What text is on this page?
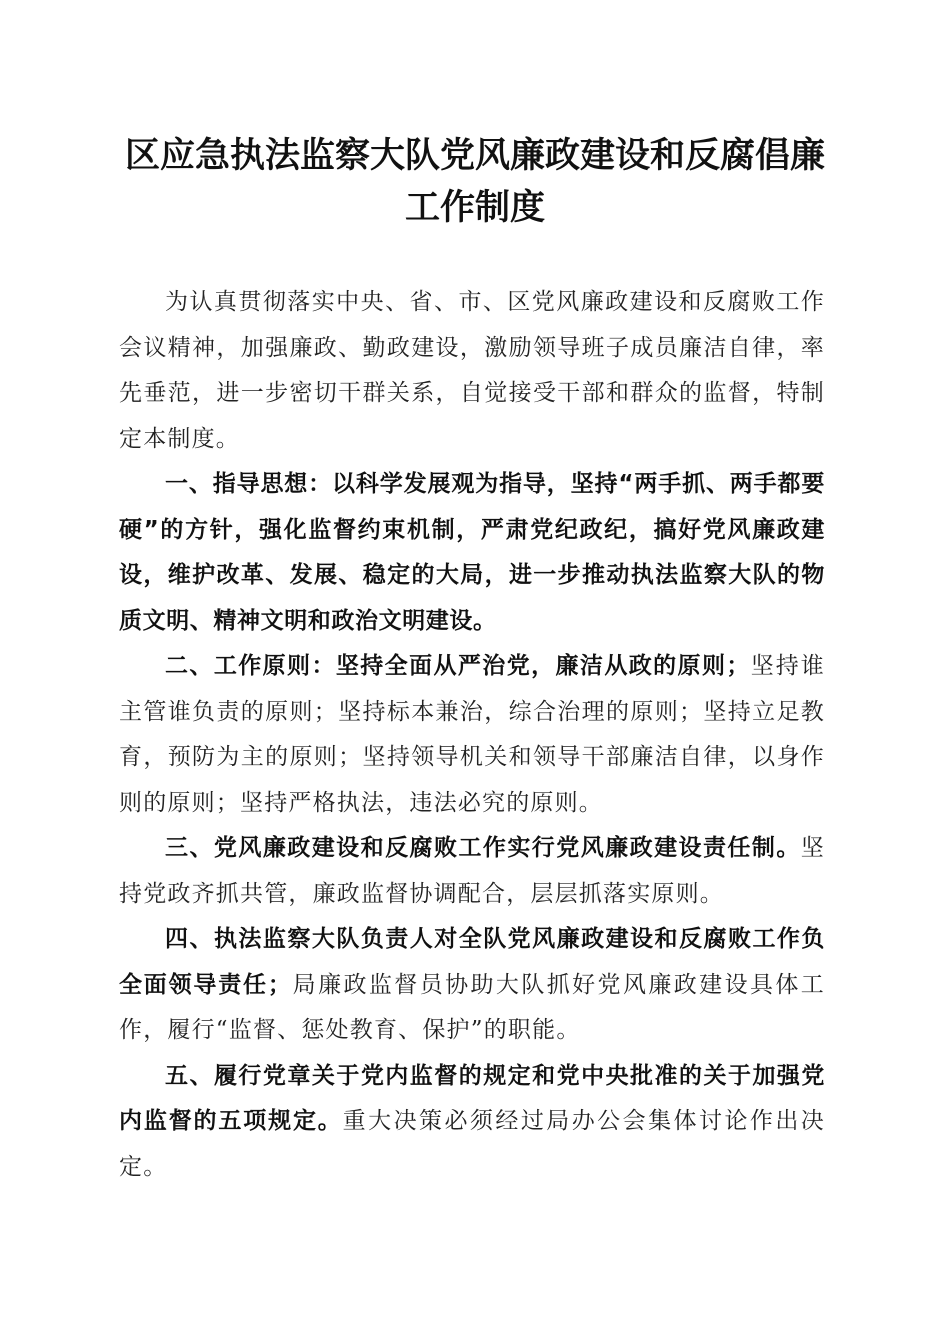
区应急执法监察大队党风廉政建设和反腐倡廉
工作制度

为认真贯彻落实中央、省、市、区党风廉政建设和反腐败工作会议精神，加强廉政、勤政建设，激励领导班子成员廉洁自律，率先垂范，进一步密切干群关系，自觉接受干部和群众的监督，特制定本制度。

一、指导思想：以科学发展观为指导，坚持“两手抓、两手都要硬”的方针，强化监督约束机制，严肃党纪政纪，搞好党风廉政建设，维护改革、发展、稳定的大局，进一步推动执法监察大队的物质文明、精神文明和政治文明建设。

二、工作原则：坚持全面从严治党，廉洁从政的原则；坚持谁主管谁负责的原则；坚持标本兼治，综合治理的原则；坚持立足教育，预防为主的原则；坚持领导机关和领导干部廉洁自律，以身作则的原则；坚持严格执法，违法必究的原则。

三、党风廉政建设和反腐败工作实行党风廉政建设责任制。坚持党政齐抓共管，廉政监督协调配合，层层抓落实原则。

四、执法监察大队负责人对全队党风廉政建设和反腐败工作负全面领导责任；局廉政监督员协助大队抓好党风廉政建设具体工作，履行“监督、惩处教育、保护”的职能。

五、履行党章关于党内监督的规定和党中央批准的关于加强党内监督的五项规定。重大决策必须经过局办公会集体讨论作出决定。
